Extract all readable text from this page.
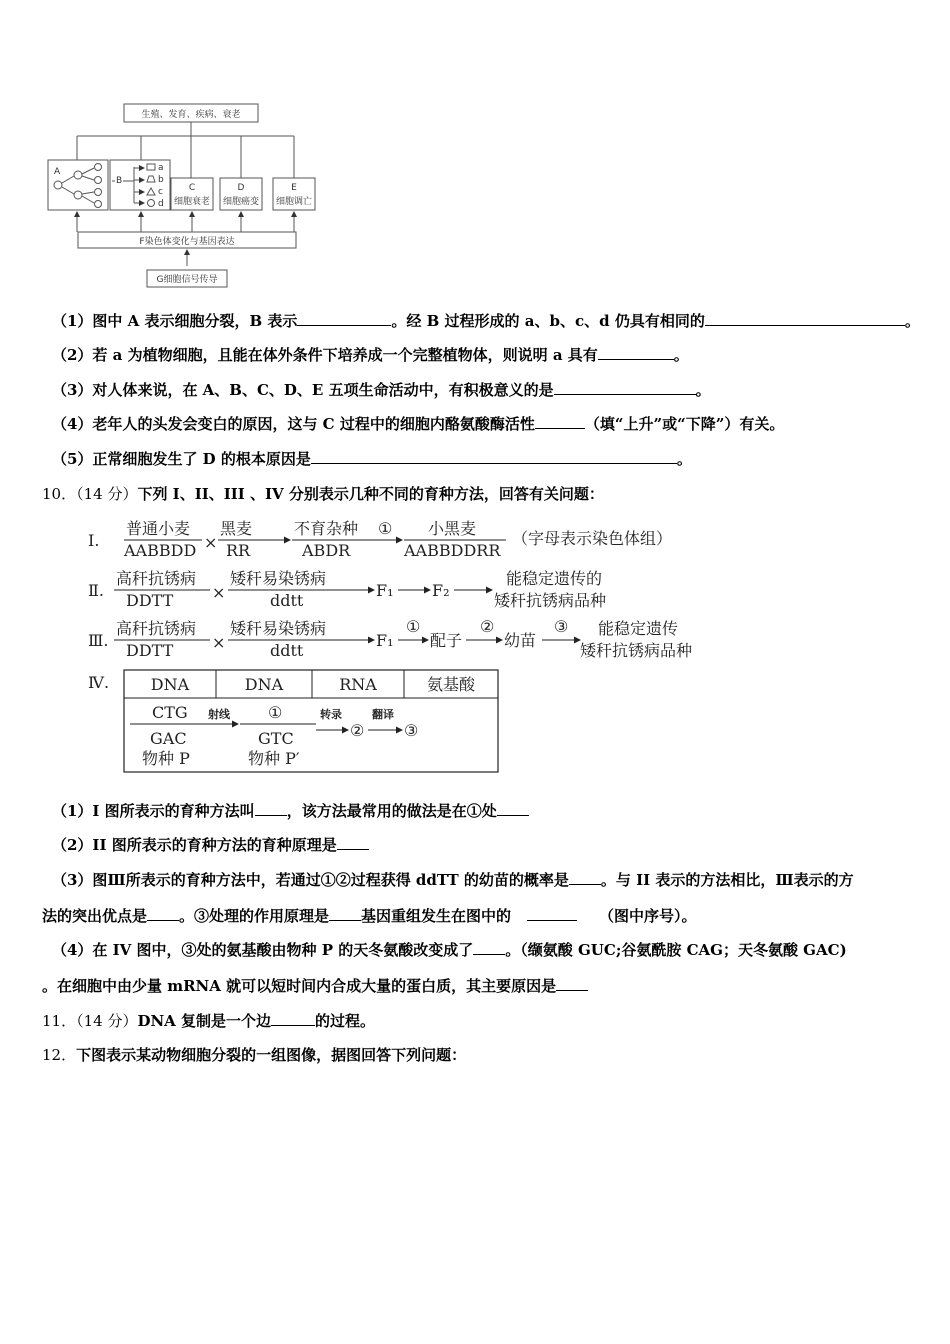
生殖、发育、疾病、衰老
A
B
a
b
c
d
C
细胞衰老
D
细胞癌变
E
细胞调亡
F染色体变化与基因表达
G细胞信号传导
（1）图中 A 表示细胞分裂，B 表示	。经 B 过程形成的 a、b、c、d 仍具有相同的	。
（2）若 a 为植物细胞，且能在体外条件下培养成一个完整植物体，则说明 a 具有	。
（3）对人体来说，在 A、B、C、D、E 五项生命活动中，有积极意义的是	。
（4）老年人的头发会变白的原因，这与 C 过程中的细胞内酪氨酸酶活性	（填“上升”或“下降”）有关。
（5）正常细胞发生了 D 的根本原因是	。
10．（14 分）下列 I、II、III 、IV 分别表示几种不同的育种方法，回答有关问题：
Ⅰ.
普通小麦
AABBDD ×
黑麦
RR
不育杂种
ABDR
① 小黑麦
AABBDDRR
（字母表示染色体组）
Ⅱ.
高秆抗锈病
DDTT ×
矮秆易染锈病
ddtt
F₁ F₂
能稳定遗传的
矮秆抗锈病品种
Ⅲ.
高秆抗锈病
DDTT ×
矮秆易染锈病
ddtt
F₁
①
配子
②
幼苗
③ 能稳定遗传
矮秆抗锈病品种
Ⅳ.	DNA	DNA	RNA	氨基酸
CTG
GAC
物种 P
射线 ①
GTC
物种 P′
转录
②
翻译
③
（1）I 图所表示的育种方法叫 ，该方法最常用的做法是在①处
（2）II 图所表示的育种方法的育种原理是
（3）图Ⅲ所表示的育种方法中，若通过①②过程获得 ddTT 的幼苗的概率是 。与 II 表示的方法相比，Ⅲ表示的方
法的突出优点是 。③处理的作用原理是 基因重组发生在图中的	（图中序号）。
（4）在 IV 图中，③处的氨基酸由物种 P 的天冬氨酸改变成了 。（缬氨酸 GUC;谷氨酰胺 CAG；天冬氨酸 GAC)
。在细胞中由少量 mRNA 就可以短时间内合成大量的蛋白质，其主要原因是
11．（14 分）DNA 复制是一个边	的过程。
12．下图表示某动物细胞分裂的一组图像，据图回答下列问题：
